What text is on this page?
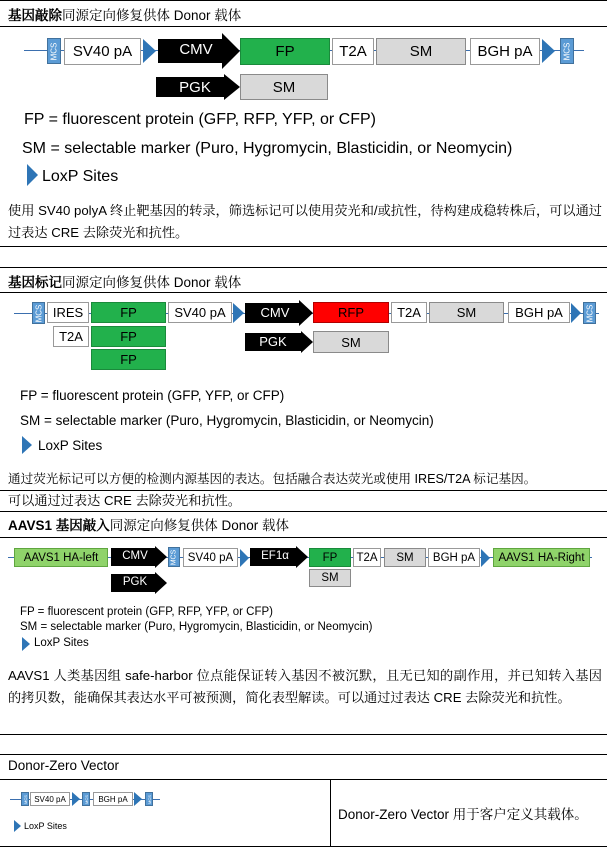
基因敲除同源定向修复供体 Donor 载体
MCS SV40 pA	CMV	FP	T2A	SM	BGH pA	MCS
PGK	SM
FP = fluorescent protein (GFP, RFP, YFP, or CFP)
SM = selectable marker (Puro, Hygromycin, Blasticidin, or Neomycin)
LoxP Sites
使用 SV40 polyA 终止靶基因的转录，筛选标记可以使用荧光和/或抗性，待构建成稳转株后，可以通过过表达 CRE 去除荧光和抗性。
基因标记同源定向修复供体 Donor 载体
MCS IRES	FP	SV40 pA	CMV	RFP	T2A	SM	BGH pA	MCS
T2A	FP
FP
PGK	SM
FP = fluorescent protein (GFP, YFP, or CFP)
SM = selectable marker (Puro, Hygromycin, Blasticidin, or Neomycin)
LoxP Sites
通过荧光标记可以方便的检测内源基因的表达。包括融合表达荧光或使用 IRES/T2A 标记基因。
可以通过过表达 CRE 去除荧光和抗性。
AAVS1 基因敲入同源定向修复供体 Donor 载体
AAVS1 HA-left	CMV	MCS SV40 pA	EF1α	FP	T2A	SM	BGH pA	AAVS1 HA-Right
PGK	SM
FP = fluorescent protein (GFP, RFP, YFP, or CFP)
SM = selectable marker (Puro, Hygromycin, Blasticidin, or Neomycin)
LoxP Sites
AAVS1 人类基因组 safe-harbor 位点能保证转入基因不被沉默，且无已知的副作用，并已知转入基因的拷贝数，能确保其表达水平可被预测，简化表型解读。可以通过过表达 CRE 去除荧光和抗性。
Donor-Zero Vector
MCS SV40 pA	MCS	BGH pA	MCS
LoxP Sites
Donor-Zero Vector 用于客户定义其载体。
